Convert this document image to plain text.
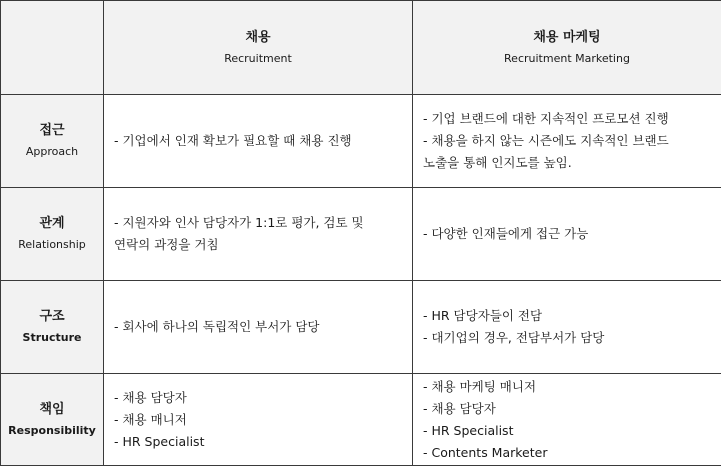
	채용
Recruitment	채용 마케팅
Recruitment Marketing

접근
Approach	- 기업에서 인재 확보가 필요할 때 채용 진행	- 기업 브랜드에 대한 지속적인 프로모션 진행
- 채용을 하지 않는 시즌에도 지속적인 브랜드
노출을 통해 인지도를 높임.

관계
Relationship	- 지원자와 인사 담당자가 1:1로 평가, 검토 및
연락의 과정을 거침	- 다양한 인재들에게 접근 가능

구조
Structure	- 회사에 하나의 독립적인 부서가 담당	- HR 담당자들이 전담
- 대기업의 경우, 전담부서가 담당

책임
Responsibility	- 채용 담당자
- 채용 매니저
- HR Specialist	- 채용 마케팅 매니저
- 채용 담당자
- HR Specialist
- Contents Marketer
